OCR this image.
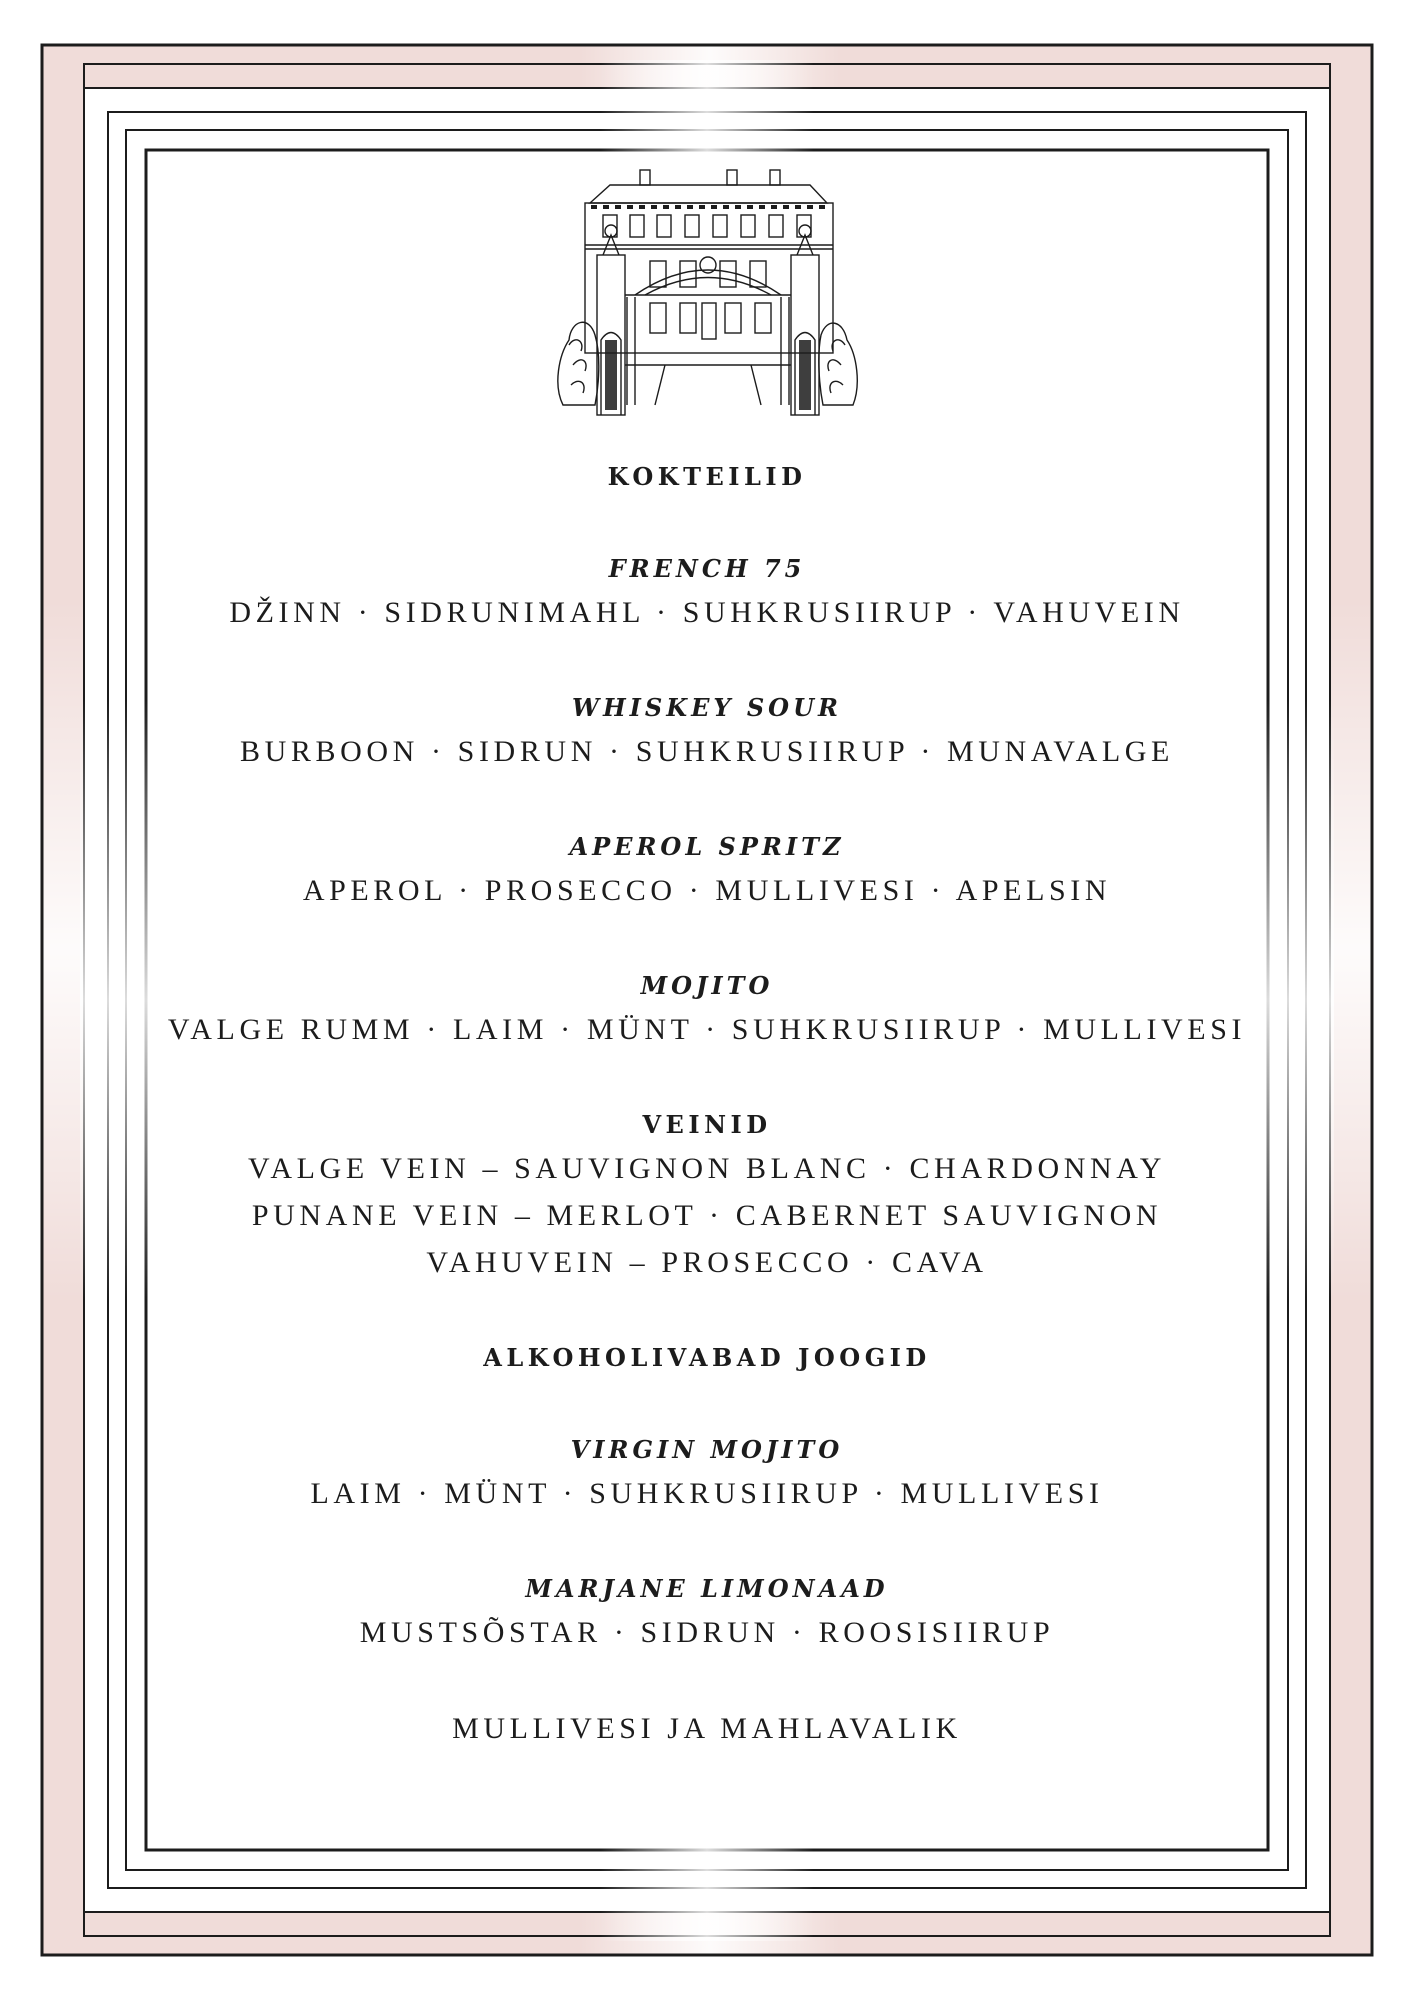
KOKTEILID
FRENCH 75
DŽINN · SIDRUNIMAHL · SUHKRUSIIRUP · VAHUVEIN
WHISKEY SOUR
BURBOON · SIDRUN · SUHKRUSIIRUP · MUNAVALGE
APEROL SPRITZ
APEROL · PROSECCO · MULLIVESI · APELSIN
MOJITO
VALGE RUMM · LAIM · MÜNT · SUHKRUSIIRUP · MULLIVESI
VEINID
VALGE VEIN – SAUVIGNON BLANC · CHARDONNAY
PUNANE VEIN – MERLOT · CABERNET SAUVIGNON
VAHUVEIN – PROSECCO · CAVA
ALKOHOLIVABAD JOOGID
VIRGIN MOJITO
LAIM · MÜNT · SUHKRUSIIRUP · MULLIVESI
MARJANE LIMONAAD
MUSTSÕSTAR · SIDRUN · ROOSISIIRUP
MULLIVESI JA MAHLAVALIK
